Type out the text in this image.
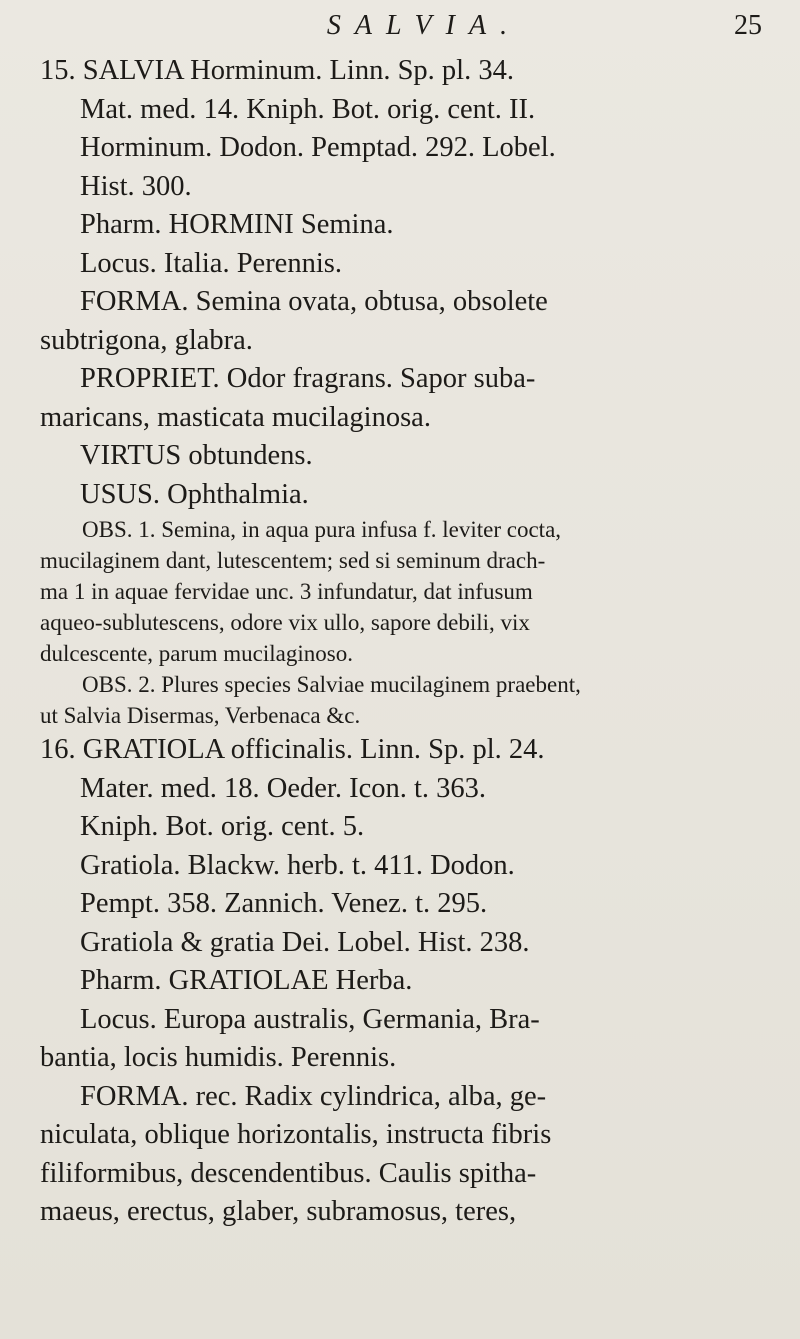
SALVIA.	25

15. SALVIA Horminum. Linn. Sp. pl. 34.

Mat. med. 14. Kniph. Bot. orig. cent. II.

Horminum. Dodon. Pemptad. 292. Lobel.

Hist. 300.

Pharm. HORMINI Semina.

Locus. Italia. Perennis.

FORMA. Semina ovata, obtusa, obsolete

subtrigona, glabra.

PROPRIET. Odor fragrans. Sapor suba-

maricans, masticata mucilaginosa.

VIRTUS obtundens.

USUS. Ophthalmia.

OBS. 1. Semina, in aqua pura infusa f. leviter cocta,

mucilaginem dant, lutescentem; sed si seminum drach-

ma 1 in aquae fervidae unc. 3 infundatur, dat infusum

aqueo-sublutescens, odore vix ullo, sapore debili, vix

dulcescente, parum mucilaginoso.

OBS. 2. Plures species Salviae mucilaginem praebent,

ut Salvia Disermas, Verbenaca &c.

16. GRATIOLA officinalis. Linn. Sp. pl. 24.

Mater. med. 18. Oeder. Icon. t. 363.

Kniph. Bot. orig. cent. 5.

Gratiola. Blackw. herb. t. 411. Dodon.

Pempt. 358. Zannich. Venez. t. 295.

Gratiola & gratia Dei. Lobel. Hist. 238.

Pharm. GRATIOLAE Herba.

Locus. Europa australis, Germania, Bra-

bantia, locis humidis. Perennis.

FORMA. rec. Radix cylindrica, alba, ge-

niculata, oblique horizontalis, instructa fibris

filiformibus, descendentibus. Caulis spitha-

maeus, erectus, glaber, subramosus, teres,
